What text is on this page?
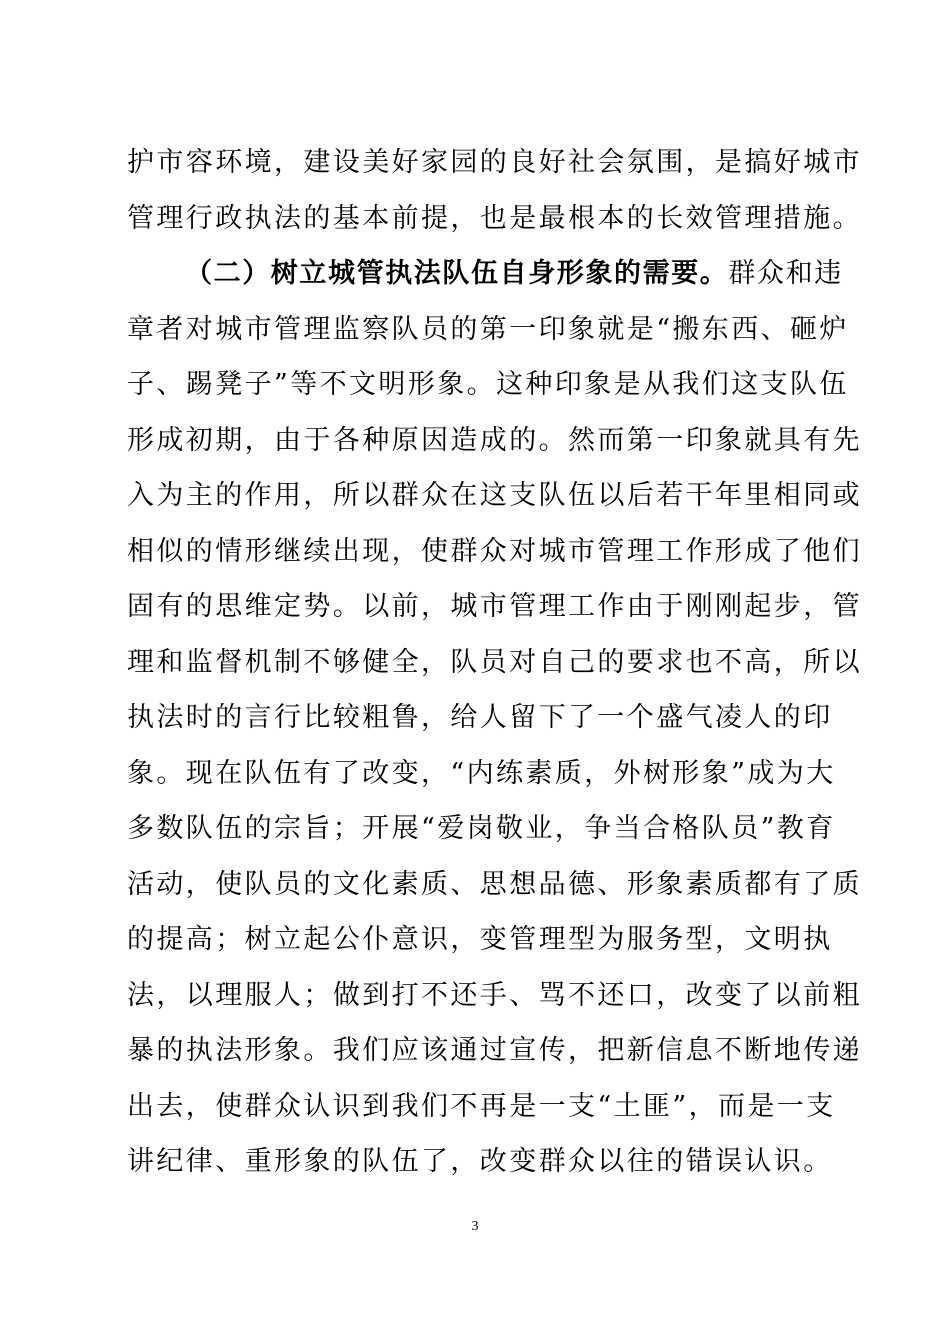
护市容环境，建设美好家园的良好社会氛围，是搞好城市
管理行政执法的基本前提，也是最根本的长效管理措施。
（二）树立城管执法队伍自身形象的需要。群众和违
章者对城市管理监察队员的第一印象就是“搬东西、砸炉
子、踢凳子”等不文明形象。这种印象是从我们这支队伍
形成初期，由于各种原因造成的。然而第一印象就具有先
入为主的作用，所以群众在这支队伍以后若干年里相同或
相似的情形继续出现，使群众对城市管理工作形成了他们
固有的思维定势。以前，城市管理工作由于刚刚起步，管
理和监督机制不够健全，队员对自己的要求也不高，所以
执法时的言行比较粗鲁，给人留下了一个盛气凌人的印
象。现在队伍有了改变，“内练素质，外树形象”成为大
多数队伍的宗旨；开展“爱岗敬业，争当合格队员”教育
活动，使队员的文化素质、思想品德、形象素质都有了质
的提高；树立起公仆意识，变管理型为服务型，文明执
法，以理服人；做到打不还手、骂不还口，改变了以前粗
暴的执法形象。我们应该通过宣传，把新信息不断地传递
出去，使群众认识到我们不再是一支“土匪”，而是一支
讲纪律、重形象的队伍了，改变群众以往的错误认识。
3
